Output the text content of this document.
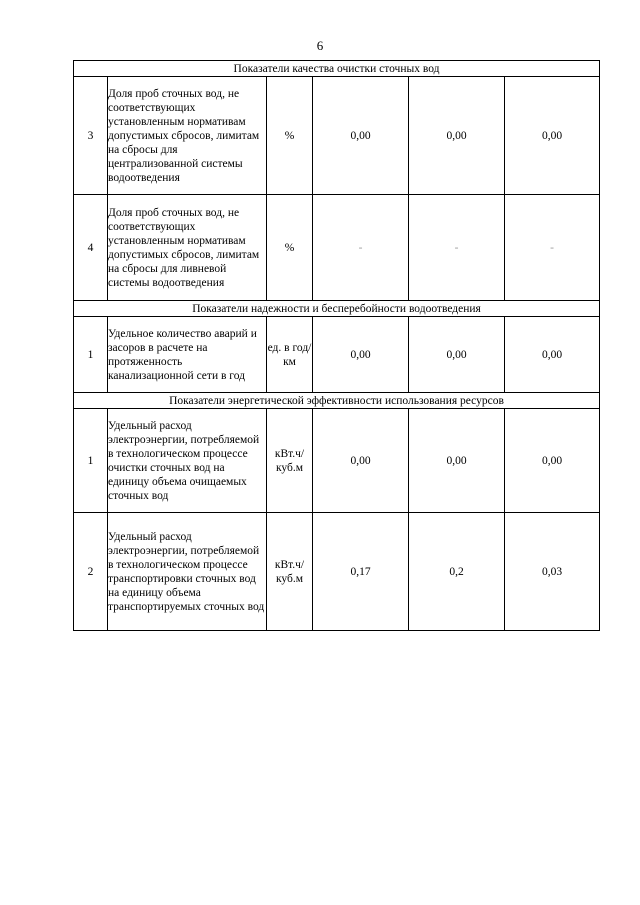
6
Показатели качества очистки сточных вод					
3	Доля проб сточных вод, не соответствующих установленным нормативам допустимых сбросов, лимитам на сбросы для централизованной системы водоотведения	%	0,00	0,00	0,00
4	Доля проб сточных вод, не соответствующих установленным нормативам допустимых сбросов, лимитам на сбросы для ливневой системы водоотведения	%	-	-	-
Показатели надежности и бесперебойности водоотведения					
1	Удельное количество аварий и засоров в расчете на протяженность канализационной сети в год	ед. в год/ км	0,00	0,00	0,00
Показатели энергетической эффективности использования ресурсов					
1	Удельный расход электроэнергии, потребляемой в технологическом процессе очистки сточных вод на единицу объема очищаемых сточных вод	кВт.ч/ куб.м	0,00	0,00	0,00
2	Удельный расход электроэнергии, потребляемой в технологическом процессе транспортировки сточных вод на единицу объема транспортируемых сточных вод	кВт.ч/ куб.м	0,17	0,2	0,03
